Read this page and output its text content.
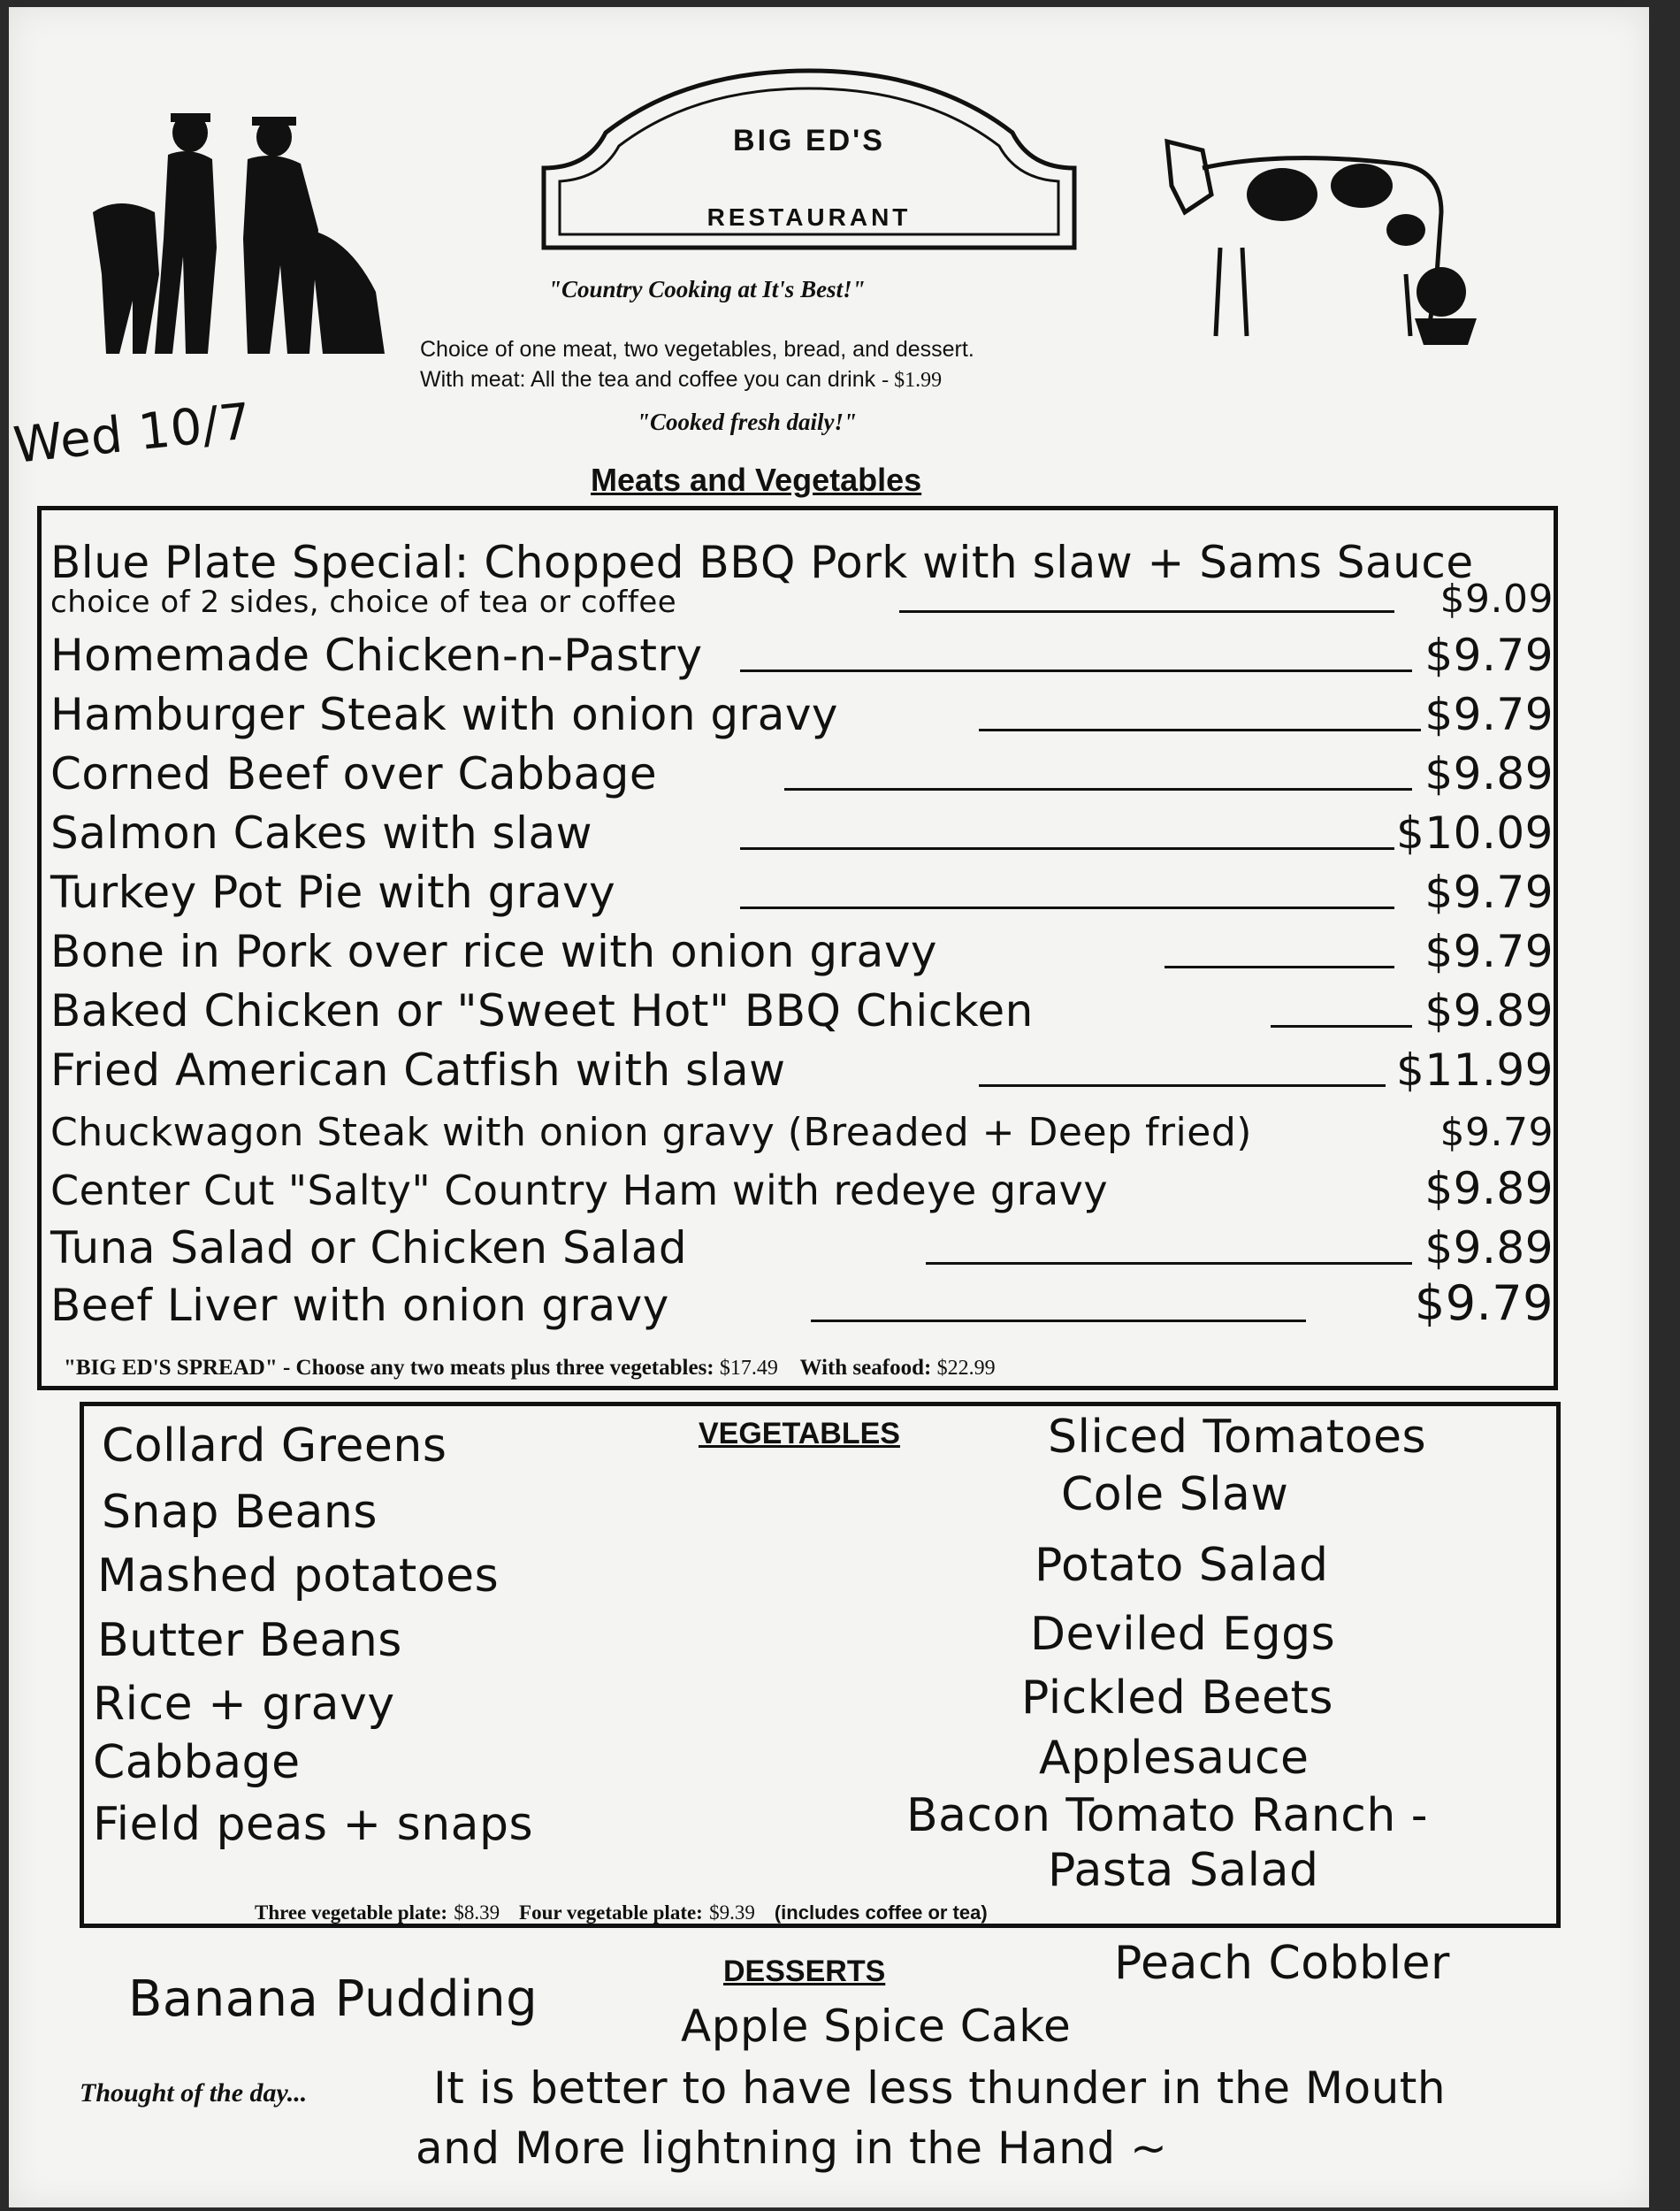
BIG ED'S
RESTAURANT
"Country Cooking at It's Best!"
Choice of one meat, two vegetables, bread, and dessert.
With meat: All the tea and coffee you can drink - $1.99
"Cooked fresh daily!"
Wed 10/7
Meats and Vegetables
Blue Plate Special: Chopped BBQ Pork with slaw + Sams Sauce
choice of 2 sides, choice of tea or coffee	$9.09
Homemade Chicken-n-Pastry	$9.79
Hamburger Steak with onion gravy	$9.79
Corned Beef over Cabbage	$9.89
Salmon Cakes with slaw	$10.09
Turkey Pot Pie with gravy	$9.79
Bone in Pork over rice with onion gravy	$9.79
Baked Chicken or "Sweet Hot" BBQ Chicken	$9.89
Fried American Catfish with slaw	$11.99
Chuckwagon Steak with onion gravy (Breaded + Deep fried)	$9.79
Center Cut "Salty" Country Ham with redeye gravy	$9.89
Tuna Salad or Chicken Salad	$9.89
Beef Liver with onion gravy	$9.79
"BIG ED'S SPREAD" - Choose any two meats plus three vegetables: $17.49 With seafood: $22.99
VEGETABLES
Collard Greens
Snap Beans
Mashed potatoes
Butter Beans
Rice + gravy
Cabbage
Field peas + snaps
Sliced Tomatoes
Cole Slaw
Potato Salad
Deviled Eggs
Pickled Beets
Applesauce
Bacon Tomato Ranch -
Pasta Salad
Three vegetable plate: $8.39 Four vegetable plate: $9.39 (includes coffee or tea)
DESSERTS
Banana Pudding	Apple Spice Cake
Peach Cobbler
Thought of the day...	It is better to have less thunder in the Mouth
and More lightning in the Hand ~
